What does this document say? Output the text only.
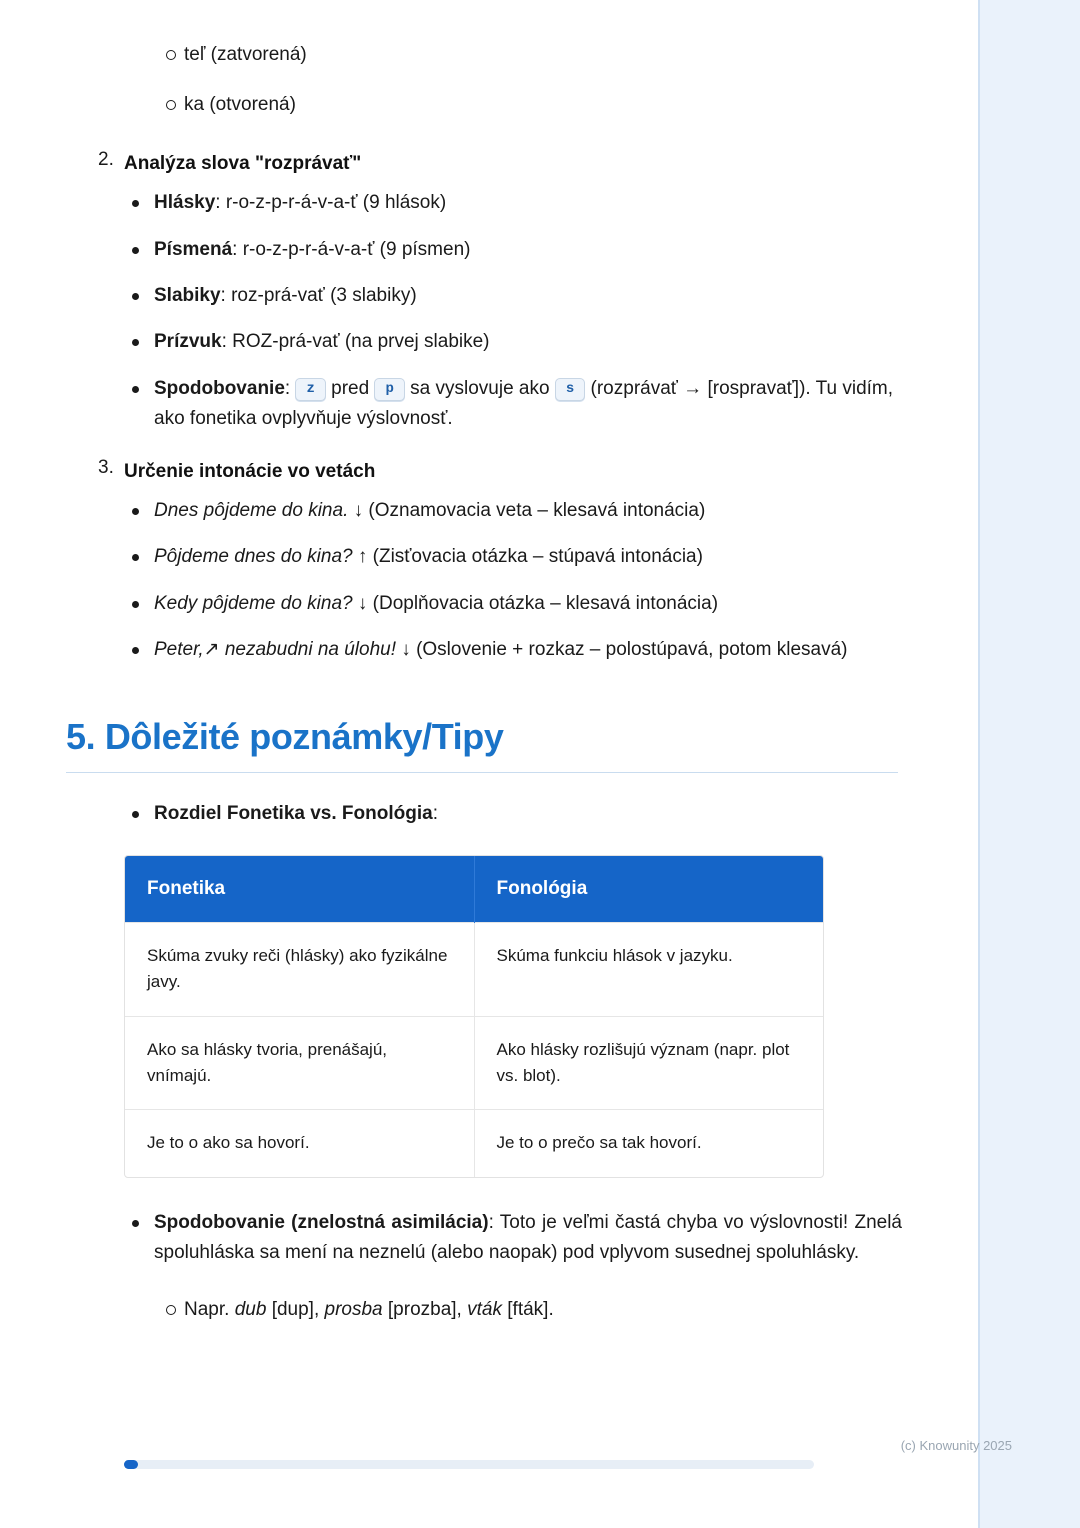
teľ (zatvorená)
ka (otvorená)
2. Analýza slova "rozprávať"
Hlásky: r-o-z-p-r-á-v-a-ť (9 hlások)
Písmená: r-o-z-p-r-á-v-a-ť (9 písmen)
Slabiky: roz-prá-vať (3 slabiky)
Prízvuk: ROZ-prá-vať (na prvej slabike)
Spodobovanie: z pred p sa vyslovuje ako s (rozprávať → [rospravať]). Tu vidím, ako fonetika ovplyvňuje výslovnosť.
3. Určenie intonácie vo vetách
Dnes pôjdeme do kina. ↓ (Oznamovacia veta – klesavá intonácia)
Pôjdeme dnes do kina? ↑ (Zisťovacia otázka – stúpavá intonácia)
Kedy pôjdeme do kina? ↓ (Doplňovacia otázka – klesavá intonácia)
Peter,↗ nezabudni na úlohu! ↓ (Oslovenie + rozkaz – polostúpavá, potom klesavá)
5. Dôležité poznámky/Tipy
Rozdiel Fonetika vs. Fonológia:
Fonetika	Fonológia
Skúma zvuky reči (hlásky) ako fyzikálne javy.	Skúma funkciu hlások v jazyku.
Ako sa hlásky tvoria, prenášajú, vnímajú.	Ako hlásky rozlišujú význam (napr. plot vs. blot).
Je to o ako sa hovorí.	Je to o prečo sa tak hovorí.
Spodobovanie (znelostná asimilácia): Toto je veľmi častá chyba vo výslovnosti! Znelá spoluhláska sa mení na neznelú (alebo naopak) pod vplyvom susednej spoluhlásky.
Napr. dub [dup], prosba [prozba], vták [fták].
(c) Knowunity 2025
